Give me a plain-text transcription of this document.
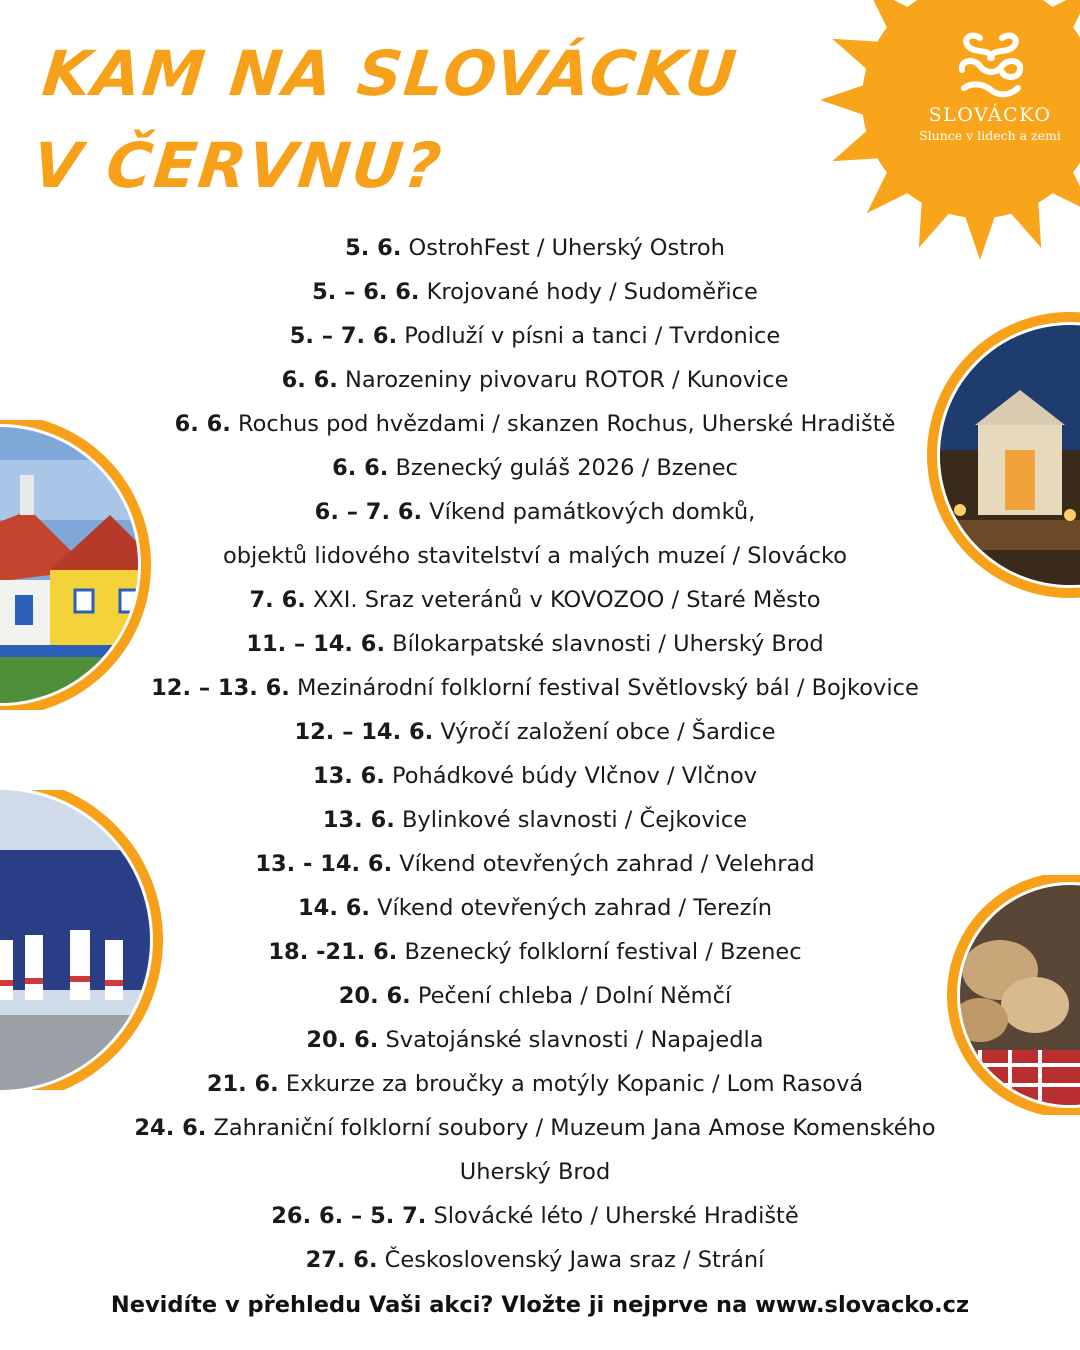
KAM NA SLOVÁCKU
V ČERVNU?
SLOVÁCKO
Slunce v lidech a zemi
5. 6. OstrohFest / Uherský Ostroh
5. – 6. 6. Krojované hody / Sudoměřice
5. – 7. 6. Podluží v písni a tanci / Tvrdonice
6. 6. Narozeniny pivovaru ROTOR / Kunovice
6. 6. Rochus pod hvězdami / skanzen Rochus, Uherské Hradiště
6. 6. Bzenecký guláš 2026 / Bzenec
6. – 7. 6. Víkend památkových domků,
objektů lidového stavitelství a malých muzeí / Slovácko
7. 6. XXI. Sraz veteránů v KOVOZOO / Staré Město
11. – 14. 6. Bílokarpatské slavnosti / Uherský Brod
12. – 13. 6. Mezinárodní folklorní festival Světlovský bál / Bojkovice
12. – 14. 6. Výročí založení obce / Šardice
13. 6. Pohádkové búdy Vlčnov / Vlčnov
13. 6. Bylinkové slavnosti / Čejkovice
13. - 14. 6. Víkend otevřených zahrad / Velehrad
14. 6. Víkend otevřených zahrad / Terezín
18. -21. 6. Bzenecký folklorní festival / Bzenec
20. 6. Pečení chleba / Dolní Němčí
20. 6. Svatojánské slavnosti / Napajedla
21. 6. Exkurze za broučky a motýly Kopanic / Lom Rasová
24. 6. Zahraniční folklorní soubory / Muzeum Jana Amose Komenského
Uherský Brod
26. 6. – 5. 7. Slovácké léto / Uherské Hradiště
27. 6. Československý Jawa sraz / Strání
Nevidíte v přehledu Vaši akci? Vložte ji nejprve na www.slovacko.cz
